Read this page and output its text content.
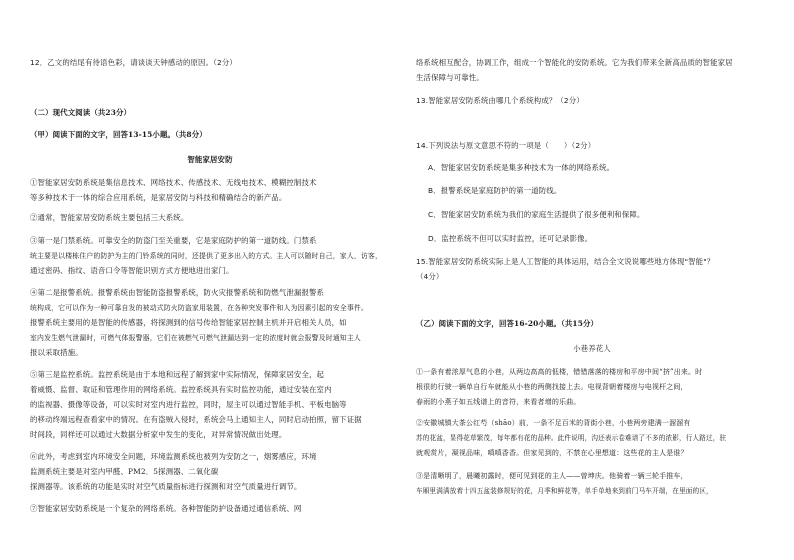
12．乙文的结尾有待语色彩，请谈谈天钟感动的原因。（2分）
（二）现代文阅读（共23分）
（甲）阅读下面的文字，回答13-15小题。（共8分）
智能家居安防
①智能家居安防系统是集信息技术、网络技术、传感技术、无线电技术、模糊控制技术
等多种技术于一体的综合应用系统，是家居安防与科技和精确结合的新产品。
②通常，智能家居安防系统主要包括三大系统。
③第一是门禁系统。可靠安全的防盗门至关重要，它是家庭防护的第一道防线。门禁系
统主要是以楼栋住户的防护为主的门铃系统的同时，还提供了更多出入的方式。主人可以随时自己，家人，访客，
通过密码、指纹、语音口令等智能识别方式方便地进出家门。
④第二是报警系统。报警系统由智能防盗报警系统，防火灾报警系统和防燃气泄漏报警系
统构成，它可以作为一种可靠自发的被动式防火防盗家用装置，在各种突发事件和人为因素引起的安全事件。
报警系统主要用的是智能的传感器，将探测到的信号传给智能家居控制主机并开启相关人员，如
室内发生燃气泄漏时，可燃气体报警器，它们在被燃气可燃气泄漏达到一定的浓度时就会报警及时通知主人
报以采取措施。
⑤第三是监控系统。监控系统是由于本地和远程了解到家中实际情况，保障家居安全，起
着威慑、监督、取证和管理作用的网络系统。监控系统具有实时监控功能，通过安装在室内
的监视器、摄像等设备，可以实时对室内进行监控，同时，屋主可以通过智能手机、平板电脑等
的移动终端远程查看家中的情况。在有盗贼入侵时，系统会马上通知主人，同时启动拍照，留下证据
时间段，同样还可以通过大数据分析家中发生的变化，对异常情况做出处理。
⑥此外，考虑到室内环境安全问题，环境监测系统也被列为安防之一，烟雾感应，环境
监测系统主要是对室内甲醛、PM2．5探测器、二氧化碳
探测器等。该系统的功能是实时对空气质量指标进行探测和对空气质量进行调节。
⑦智能家居安防系统是一个复杂的网络系统。各种智能防护设备通过通信系统、网
络系统相互配合，协调工作，组成一个智能化的安防系统。它为我们带来全新高品质的智能家居
生活保障与可靠性。
13.智能家居安防系统由哪几个系统构成？（2分）
14.下列说法与原文意思不符的一项是（　　）（2分）
A．智能家居安防系统是集多种技术为一体的网络系统。
B．报警系统是家庭防护的第一道防线。
C．智能家居安防系统为我们的家庭生活提供了很多便利和保障。
D．监控系统不但可以实时监控，还可记录影像。
15.智能家居安防系统实际上是人工智能的具体运用，结合全文说说哪些地方体现"智能"？
（4分）
（乙）阅读下面的文字，回答16-20小题。（共15分）
小巷养花人
①一条有着浓厚气息的小巷，从两边高高的低楼，错错落落的楼房和平房中间“挤”出来。时
根很的行驶一辆单自行车就能从小巷的两侧找接上去。电视背朝着楼房与电视杆之间，
春雨的小燕子如五线谱上的音符，来看者增的乐曲。
②安徽城镇大茶公红芍（shāo）前，一条不足百米的背街小巷，小巷两旁建满一溜溜有
苏的花盆，显得花草繁茂，每年都有花的品种。此件说明，沟还表示卷难谱了不多的浓影，行人路过，驻
就观赏片，凝视品味，嗔嗔香香。但家见到的，不禁在心里想道：这些花的主人是谁？
③是清晰明了，晨曦初露时，便可见到花的主人——曾坤庆。他骑着一辆三轮手推车，
车厢里满满放着十四五盆装修规好的花，月季和鲜花等，单手单地来到前门马车开端，在里面的区，
